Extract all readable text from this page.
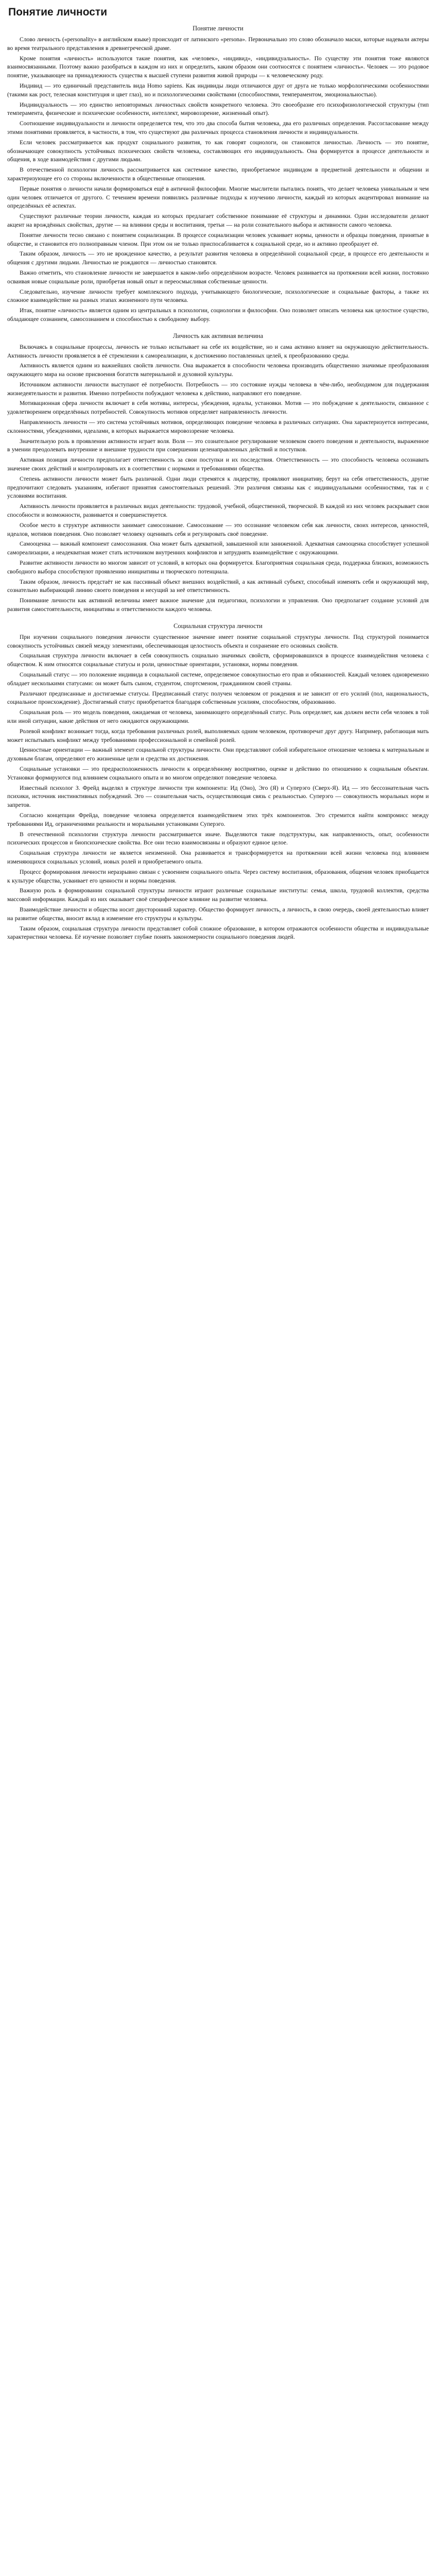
Понятие личности
Понятие личности

Слово личность («personality» в английском языке) происходит от латинского «persona». Первоначально это слово обозначало маски, которые надевали актеры во время театрального представления в древнегреческой драме.

Кроме понятия «личность» используются такие понятия, как «человек», «индивид», «индивидуальность». По существу эти понятия тоже являются взаимосвязанными. Поэтому важно разобраться в каждом из них и определить, каким образом они соотносятся с понятием «личность». Человек — это родовое понятие, указывающее на принадлежность существа к высшей ступени развития живой природы — к человеческому роду.

Индивид — это единичный представитель вида Homo sapiens. Как индивиды люди отличаются друг от друга не только морфологическими особенностями (такими как рост, телесная конституция и цвет глаз), но и психологическими свойствами (способностями, темпераментом, эмоциональностью).

Индивидуальность — это единство неповторимых личностных свойств конкретного человека. Это своеобразие его психофизиологической структуры (тип темперамента, физические и психические особенности, интеллект, мировоззрение, жизненный опыт).

Соотношение индивидуальности и личности определяется тем, что это два способа бытия человека, два его различных определения. Рассогласование между этими понятиями проявляется, в частности, в том, что существуют два различных процесса становления личности и индивидуальности.

Если человек рассматривается как продукт социального развития, то как говорят социологи, он становится личностью. Личность — это понятие, обозначающее совокупность устойчивых психических свойств человека, составляющих его индивидуальность. Она формируется в процессе деятельности и общения, в ходе взаимодействия с другими людьми.

В отечественной психологии личность рассматривается как системное качество, приобретаемое индивидом в предметной деятельности и общении и характеризующее его со стороны включенности в общественные отношения.

Первые понятия о личности начали формироваться ещё в античной философии. Многие мыслители пытались понять, что делает человека уникальным и чем один человек отличается от другого. С течением времени появились различные подходы к изучению личности, каждый из которых акцентировал внимание на определённых её аспектах.

Существуют различные теории личности, каждая из которых предлагает собственное понимание её структуры и динамики. Одни исследователи делают акцент на врождённых свойствах, другие — на влиянии среды и воспитания, третьи — на роли сознательного выбора и активности самого человека.

Понятие личности тесно связано с понятием социализации. В процессе социализации человек усваивает нормы, ценности и образцы поведения, принятые в обществе, и становится его полноправным членом. При этом он не только приспосабливается к социальной среде, но и активно преобразует её.

Таким образом, личность — это не врожденное качество, а результат развития человека в определённой социальной среде, в процессе его деятельности и общения с другими людьми. Личностью не рождаются — личностью становятся.

Важно отметить, что становление личности не завершается в каком-либо определённом возрасте. Человек развивается на протяжении всей жизни, постоянно осваивая новые социальные роли, приобретая новый опыт и переосмысливая собственные ценности.

Следовательно, изучение личности требует комплексного подхода, учитывающего биологические, психологические и социальные факторы, а также их сложное взаимодействие на разных этапах жизненного пути человека.

Итак, понятие «личность» является одним из центральных в психологии, социологии и философии. Оно позволяет описать человека как целостное существо, обладающее сознанием, самосознанием и способностью к свободному выбору.

Личность как активная величина

Включаясь в социальные процессы, личность не только испытывает на себе их воздействие, но и сама активно влияет на окружающую действительность. Активность личности проявляется в её стремлении к самореализации, к достижению поставленных целей, к преобразованию среды.

Активность является одним из важнейших свойств личности. Она выражается в способности человека производить общественно значимые преобразования окружающего мира на основе присвоения богатств материальной и духовной культуры.

Источником активности личности выступают её потребности. Потребность — это состояние нужды человека в чём-либо, необходимом для поддержания жизнедеятельности и развития. Именно потребности побуждают человека к действию, направляют его поведение.

Мотивационная сфера личности включает в себя мотивы, интересы, убеждения, идеалы, установки. Мотив — это побуждение к деятельности, связанное с удовлетворением определённых потребностей. Совокупность мотивов определяет направленность личности.

Направленность личности — это система устойчивых мотивов, определяющих поведение человека в различных ситуациях. Она характеризуется интересами, склонностями, убеждениями, идеалами, в которых выражается мировоззрение человека.

Значительную роль в проявлении активности играет воля. Воля — это сознательное регулирование человеком своего поведения и деятельности, выраженное в умении преодолевать внутренние и внешние трудности при совершении целенаправленных действий и поступков.

Активная позиция личности предполагает ответственность за свои поступки и их последствия. Ответственность — это способность человека осознавать значение своих действий и контролировать их в соответствии с нормами и требованиями общества.

Степень активности личности может быть различной. Одни люди стремятся к лидерству, проявляют инициативу, берут на себя ответственность, другие предпочитают следовать указаниям, избегают принятия самостоятельных решений. Эти различия связаны как с индивидуальными особенностями, так и с условиями воспитания.

Активность личности проявляется в различных видах деятельности: трудовой, учебной, общественной, творческой. В каждой из них человек раскрывает свои способности и возможности, развивается и совершенствуется.

Особое место в структуре активности занимает самосознание. Самосознание — это осознание человеком себя как личности, своих интересов, ценностей, идеалов, мотивов поведения. Оно позволяет человеку оценивать себя и регулировать своё поведение.

Самооценка — важный компонент самосознания. Она может быть адекватной, завышенной или заниженной. Адекватная самооценка способствует успешной самореализации, а неадекватная может стать источником внутренних конфликтов и затруднять взаимодействие с окружающими.

Развитие активности личности во многом зависит от условий, в которых она формируется. Благоприятная социальная среда, поддержка близких, возможность свободного выбора способствуют проявлению инициативы и творческого потенциала.

Таким образом, личность предстаёт не как пассивный объект внешних воздействий, а как активный субъект, способный изменять себя и окружающий мир, сознательно выбирающий линию своего поведения и несущий за неё ответственность.

Понимание личности как активной величины имеет важное значение для педагогики, психологии и управления. Оно предполагает создание условий для развития самостоятельности, инициативы и ответственности каждого человека.

Социальная структура личности

При изучении социального поведения личности существенное значение имеет понятие социальной структуры личности. Под структурой понимается совокупность устойчивых связей между элементами, обеспечивающая целостность объекта и сохранение его основных свойств.

Социальная структура личности включает в себя совокупность социально значимых свойств, сформировавшихся в процессе взаимодействия человека с обществом. К ним относятся социальные статусы и роли, ценностные ориентации, установки, нормы поведения.

Социальный статус — это положение индивида в социальной системе, определяемое совокупностью его прав и обязанностей. Каждый человек одновременно обладает несколькими статусами: он может быть сыном, студентом, спортсменом, гражданином своей страны.

Различают предписанные и достигаемые статусы. Предписанный статус получен человеком от рождения и не зависит от его усилий (пол, национальность, социальное происхождение). Достигаемый статус приобретается благодаря собственным усилиям, способностям, образованию.

Социальная роль — это модель поведения, ожидаемая от человека, занимающего определённый статус. Роль определяет, как должен вести себя человек в той или иной ситуации, какие действия от него ожидаются окружающими.

Ролевой конфликт возникает тогда, когда требования различных ролей, выполняемых одним человеком, противоречат друг другу. Например, работающая мать может испытывать конфликт между требованиями профессиональной и семейной ролей.

Ценностные ориентации — важный элемент социальной структуры личности. Они представляют собой избирательное отношение человека к материальным и духовным благам, определяют его жизненные цели и средства их достижения.

Социальные установки — это предрасположенность личности к определённому восприятию, оценке и действию по отношению к социальным объектам. Установки формируются под влиянием социального опыта и во многом определяют поведение человека.

Известный психолог З. Фрейд выделял в структуре личности три компонента: Ид (Оно), Эго (Я) и Суперэго (Сверх-Я). Ид — это бессознательная часть психики, источник инстинктивных побуждений. Эго — сознательная часть, осуществляющая связь с реальностью. Суперэго — совокупность моральных норм и запретов.

Согласно концепции Фрейда, поведение человека определяется взаимодействием этих трёх компонентов. Эго стремится найти компромисс между требованиями Ид, ограничениями реальности и моральными установками Суперэго.

В отечественной психологии структура личности рассматривается иначе. Выделяются такие подструктуры, как направленность, опыт, особенности психических процессов и биопсихические свойства. Все они тесно взаимосвязаны и образуют единое целое.

Социальная структура личности не является неизменной. Она развивается и трансформируется на протяжении всей жизни человека под влиянием изменяющихся социальных условий, новых ролей и приобретаемого опыта.

Процесс формирования личности неразрывно связан с усвоением социального опыта. Через систему воспитания, образования, общения человек приобщается к культуре общества, усваивает его ценности и нормы поведения.

Важную роль в формировании социальной структуры личности играют различные социальные институты: семья, школа, трудовой коллектив, средства массовой информации. Каждый из них оказывает своё специфическое влияние на развитие человека.

Взаимодействие личности и общества носит двусторонний характер. Общество формирует личность, а личность, в свою очередь, своей деятельностью влияет на развитие общества, вносит вклад в изменение его структуры и культуры.

Таким образом, социальная структура личности представляет собой сложное образование, в котором отражаются особенности общества и индивидуальные характеристики человека. Её изучение позволяет глубже понять закономерности социального поведения людей.
